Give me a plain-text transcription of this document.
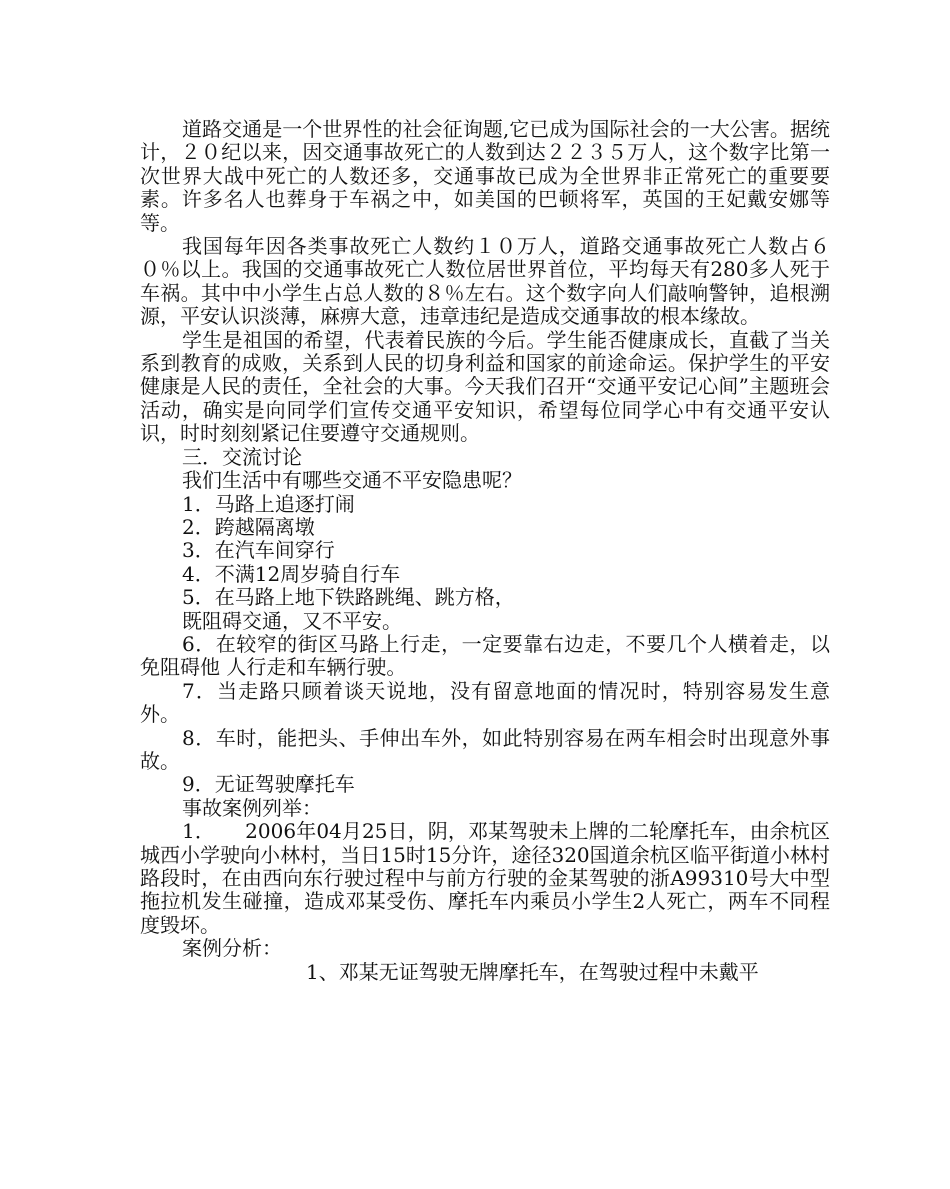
道路交通是一个世界性的社会征询题,它已成为国际社会的一大公害。据统计，２０纪以来，因交通事故死亡的人数到达２２３５万人，这个数字比第一次世界大战中死亡的人数还多，交通事故已成为全世界非正常死亡的重要要素。许多名人也葬身于车祸之中，如美国的巴顿将军，英国的王妃戴安娜等等。

我国每年因各类事故死亡人数约１０万人，道路交通事故死亡人数占６０％以上。我国的交通事故死亡人数位居世界首位，平均每天有280多人死于车祸。其中中小学生占总人数的８％左右。这个数字向人们敲响警钟，追根溯源，平安认识淡薄，麻痹大意，违章违纪是造成交通事故的根本缘故。

学生是祖国的希望，代表着民族的今后。学生能否健康成长，直截了当关系到教育的成败，关系到人民的切身利益和国家的前途命运。保护学生的平安健康是人民的责任，全社会的大事。今天我们召开“交通平安记心间”主题班会活动，确实是向同学们宣传交通平安知识，希望每位同学心中有交通平安认识，时时刻刻紧记住要遵守交通规则。

三．交流讨论

我们生活中有哪些交通不平安隐患呢？

1．马路上追逐打闹

2．跨越隔离墩

3．在汽车间穿行

4．不满12周岁骑自行车

5．在马路上地下铁路跳绳、跳方格，

既阻碍交通，又不平安。

6．在较窄的街区马路上行走，一定要靠右边走，不要几个人横着走，以免阻碍他 人行走和车辆行驶。

7．当走路只顾着谈天说地，没有留意地面的情况时，特别容易发生意外。

8．车时，能把头、手伸出车外，如此特别容易在两车相会时出现意外事故。

9．无证驾驶摩托车

事故案例列举：

1．　　2006年04月25日，阴，邓某驾驶未上牌的二轮摩托车，由余杭区城西小学驶向小林村，当日15时15分许，途径320国道余杭区临平街道小林村路段时，在由西向东行驶过程中与前方行驶的金某驾驶的浙A99310号大中型拖拉机发生碰撞，造成邓某受伤、摩托车内乘员小学生2人死亡，两车不同程度毁坏。

案例分析：

1、邓某无证驾驶无牌摩托车，在驾驶过程中未戴平
